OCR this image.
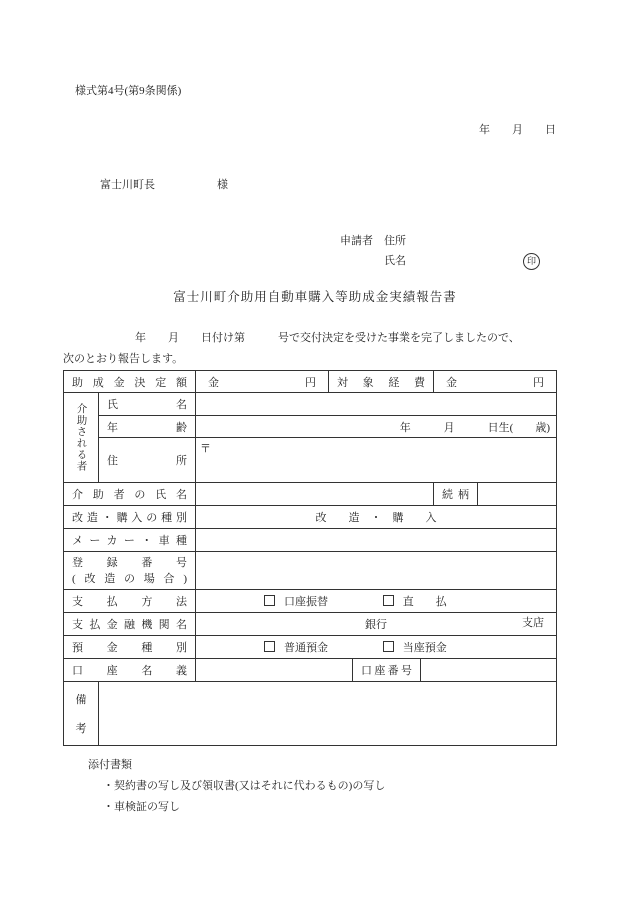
様式第4号(第9条関係)
年　　月　　日
富士川町長	様
申請者 住所
氏名	印
富士川町介助用自動車購入等助成金実績報告書
年　　月　　日付け第　　　号で交付決定を受けた事業を完了しましたので、
次のとおり報告します。
助成金決定額		金 円	対象経費			金 円	

介助される者	氏名						
	年齢	年　　　月　　　日生(　　歳)					
	住所	〒					
介助者の氏名						続柄	
改造・購入の種別		改　　造　・　購　　入					
メーカー・車種							

登録番号
(改造の場合)							

支払方法		口座振替 直　　払					
支払金融機関名		銀行 支店					

預金種別		普通預金 当座預金					
口座名義				口座番号			

備
考							

添付書類
・契約書の写し及び領収書(又はそれに代わるもの)の写し
・車検証の写し
